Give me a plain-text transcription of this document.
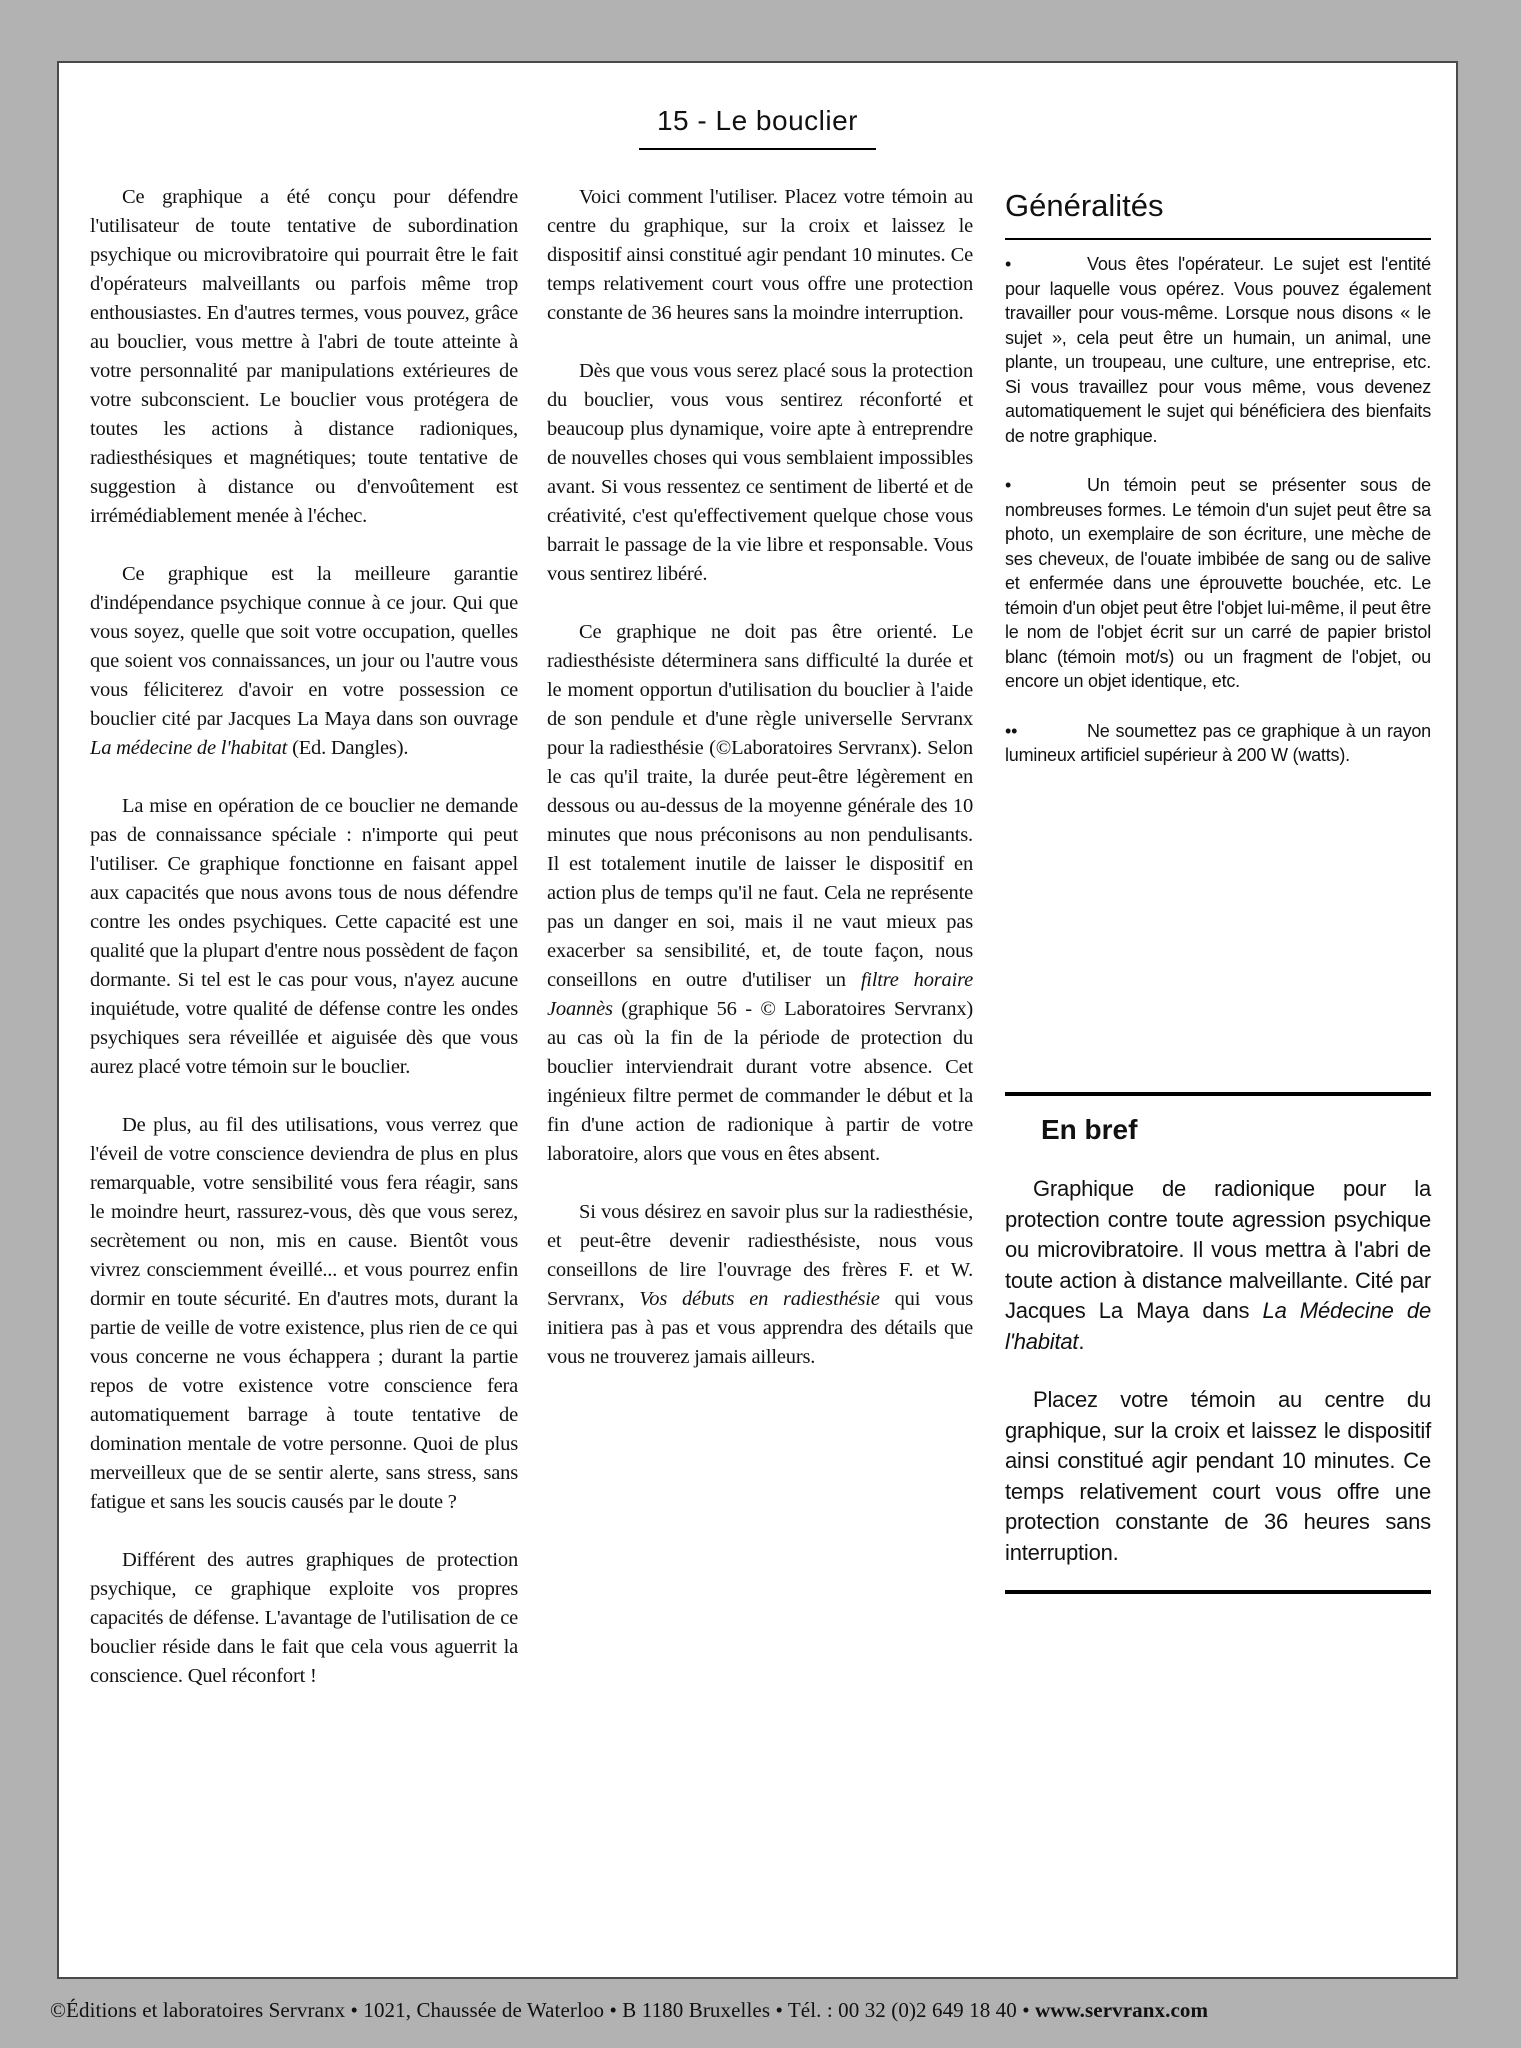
15 - Le bouclier

Ce graphique a été conçu pour défendre l'utilisateur de toute tentative de subordination psychique ou microvibratoire qui pourrait être le fait d'opérateurs malveillants ou parfois même trop enthousiastes. En d'autres termes, vous pouvez, grâce au bouclier, vous mettre à l'abri de toute atteinte à votre personnalité par manipulations extérieures de votre subconscient. Le bouclier vous protégera de toutes les actions à distance radioniques, radiesthésiques et magnétiques; toute tentative de suggestion à distance ou d'envoûtement est irrémédiablement menée à l'échec.

Ce graphique est la meilleure garantie d'indépendance psychique connue à ce jour. Qui que vous soyez, quelle que soit votre occupation, quelles que soient vos connaissances, un jour ou l'autre vous vous féliciterez d'avoir en votre possession ce bouclier cité par Jacques La Maya dans son ouvrage La médecine de l'habitat (Ed. Dangles).

La mise en opération de ce bouclier ne demande pas de connaissance spéciale : n'importe qui peut l'utiliser. Ce graphique fonctionne en faisant appel aux capacités que nous avons tous de nous défendre contre les ondes psychiques. Cette capacité est une qualité que la plupart d'entre nous possèdent de façon dormante. Si tel est le cas pour vous, n'ayez aucune inquiétude, votre qualité de défense contre les ondes psychiques sera réveillée et aiguisée dès que vous aurez placé votre témoin sur le bouclier.

De plus, au fil des utilisations, vous verrez que l'éveil de votre conscience deviendra de plus en plus remarquable, votre sensibilité vous fera réagir, sans le moindre heurt, rassurez-vous, dès que vous serez, secrètement ou non, mis en cause. Bientôt vous vivrez consciemment éveillé... et vous pourrez enfin dormir en toute sécurité. En d'autres mots, durant la partie de veille de votre existence, plus rien de ce qui vous concerne ne vous échappera ; durant la partie repos de votre existence votre conscience fera automatiquement barrage à toute tentative de domination mentale de votre personne. Quoi de plus merveilleux que de se sentir alerte, sans stress, sans fatigue et sans les soucis causés par le doute ?

Différent des autres graphiques de protection psychique, ce graphique exploite vos propres capacités de défense. L'avantage de l'utilisation de ce bouclier réside dans le fait que cela vous aguerrit la conscience. Quel réconfort !

Voici comment l'utiliser. Placez votre témoin au centre du graphique, sur la croix et laissez le dispositif ainsi constitué agir pendant 10 minutes. Ce temps relativement court vous offre une protection constante de 36 heures sans la moindre interruption.

Dès que vous vous serez placé sous la protection du bouclier, vous vous sentirez réconforté et beaucoup plus dynamique, voire apte à entreprendre de nouvelles choses qui vous semblaient impossibles avant. Si vous ressentez ce sentiment de liberté et de créativité, c'est qu'effectivement quelque chose vous barrait le passage de la vie libre et responsable. Vous vous sentirez libéré.

Ce graphique ne doit pas être orienté. Le radiesthésiste déterminera sans difficulté la durée et le moment opportun d'utilisation du bouclier à l'aide de son pendule et d'une règle universelle Servranx pour la radiesthésie (©Laboratoires Servranx). Selon le cas qu'il traite, la durée peut-être légèrement en dessous ou au-dessus de la moyenne générale des 10 minutes que nous préconisons au non pendulisants. Il est totalement inutile de laisser le dispositif en action plus de temps qu'il ne faut. Cela ne représente pas un danger en soi, mais il ne vaut mieux pas exacerber sa sensibilité, et, de toute façon, nous conseillons en outre d'utiliser un filtre horaire Joannès (graphique 56 - © Laboratoires Servranx) au cas où la fin de la période de protection du bouclier interviendrait durant votre absence. Cet ingénieux filtre permet de commander le début et la fin d'une action de radionique à partir de votre laboratoire, alors que vous en êtes absent.

Si vous désirez en savoir plus sur la radiesthésie, et peut-être devenir radiesthésiste, nous vous conseillons de lire l'ouvrage des frères F. et W. Servranx, Vos débuts en radiesthésie qui vous initiera pas à pas et vous apprendra des détails que vous ne trouverez jamais ailleurs.

Généralités

•	Vous êtes l'opérateur. Le sujet est l'entité pour laquelle vous opérez. Vous pouvez également travailler pour vous-même. Lorsque nous disons « le sujet », cela peut être un humain, un animal, une plante, un troupeau, une culture, une entreprise, etc. Si vous travaillez pour vous même, vous devenez automatiquement le sujet qui bénéficiera des bienfaits de notre graphique.

•	Un témoin peut se présenter sous de nombreuses formes. Le témoin d'un sujet peut être sa photo, un exemplaire de son écriture, une mèche de ses cheveux, de l'ouate imbibée de sang ou de salive et enfermée dans une éprouvette bouchée, etc. Le témoin d'un objet peut être l'objet lui-même, il peut être le nom de l'objet écrit sur un carré de papier bristol blanc (témoin mot/s) ou un fragment de l'objet, ou encore un objet identique, etc.

••	Ne soumettez pas ce graphique à un rayon lumineux artificiel supérieur à 200 W (watts).

En bref

Graphique de radionique pour la protection contre toute agression psychique ou microvibratoire. Il vous mettra à l'abri de toute action à distance malveillante. Cité par Jacques La Maya dans La Médecine de l'habitat.

Placez votre témoin au centre du graphique, sur la croix et laissez le dispositif ainsi constitué agir pendant 10 minutes. Ce temps relativement court vous offre une protection constante de 36 heures sans interruption.

©Éditions et laboratoires Servranx • 1021, Chaussée de Waterloo • B 1180 Bruxelles • Tél. : 00 32 (0)2 649 18 40 • www.servranx.com
